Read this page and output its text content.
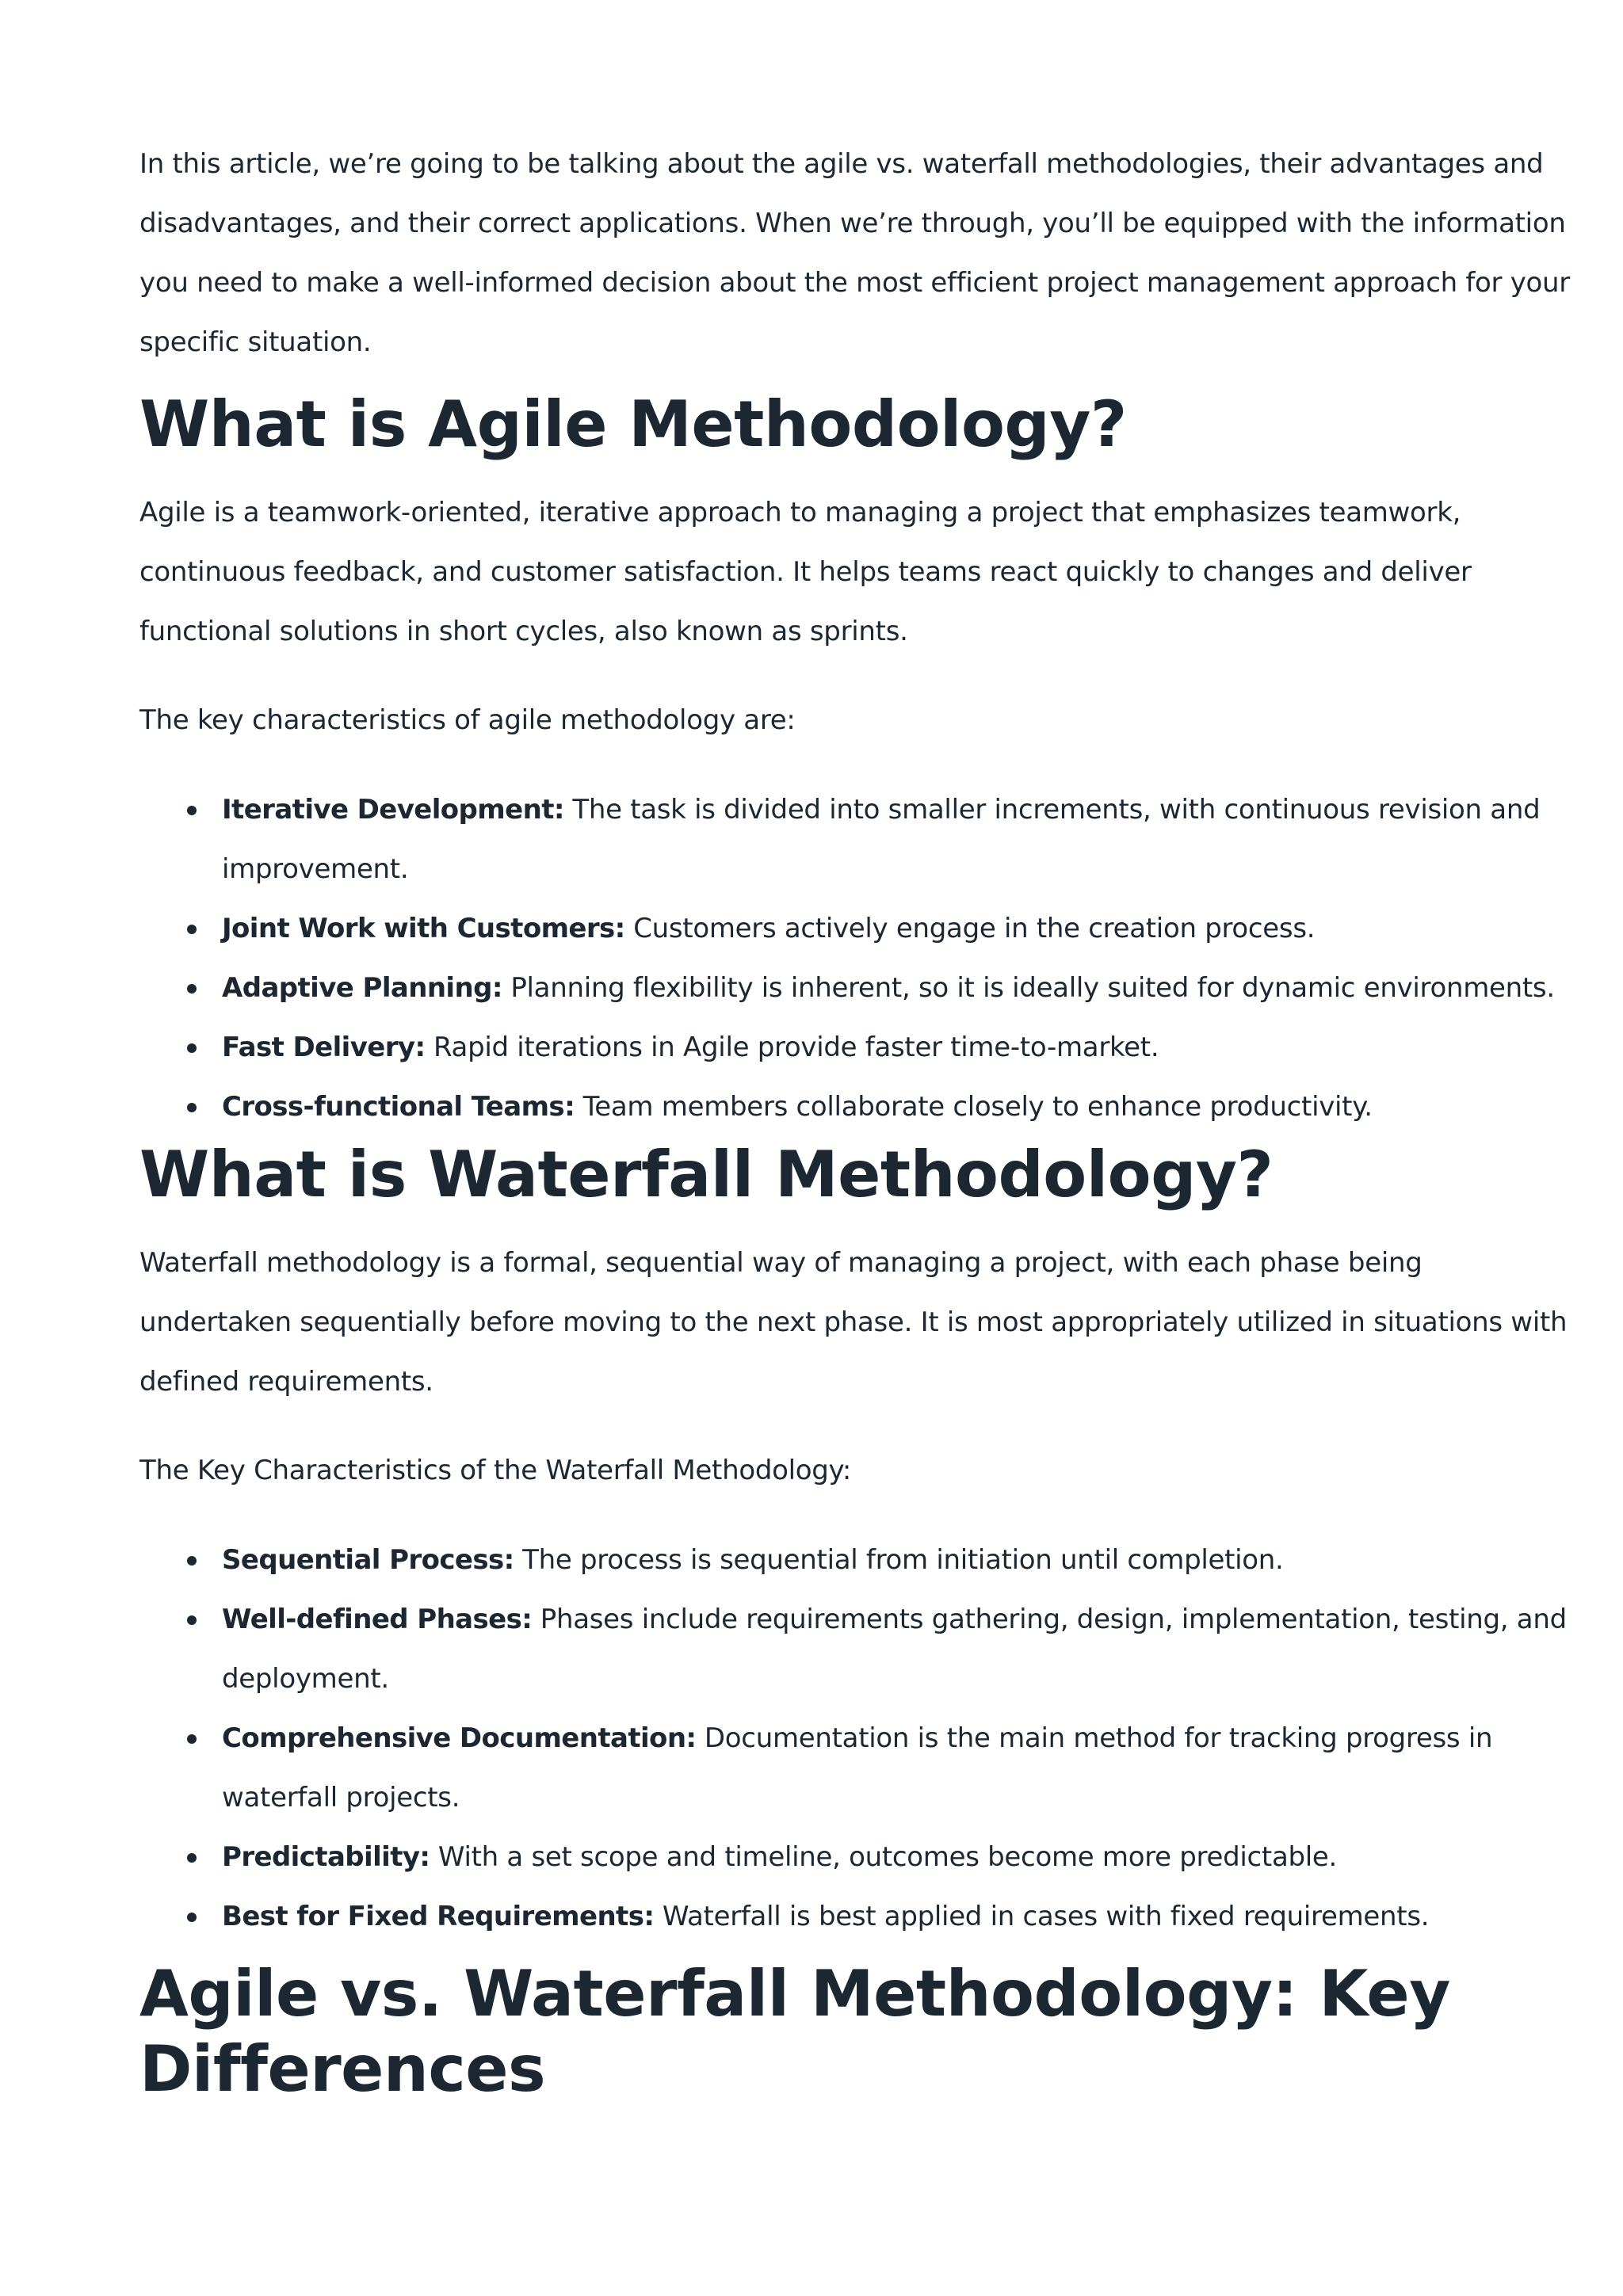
In this article, we’re going to be talking about the agile vs. waterfall methodologies, their advantages and disadvantages, and their correct applications. When we’re through, you’ll be equipped with the information you need to make a well-informed decision about the most efficient project management approach for your specific situation.

What is Agile Methodology?

Agile is a teamwork-oriented, iterative approach to managing a project that emphasizes teamwork, continuous feedback, and customer satisfaction. It helps teams react quickly to changes and deliver functional solutions in short cycles, also known as sprints.

The key characteristics of agile methodology are:

Iterative Development: The task is divided into smaller increments, with continuous revision and improvement.
Joint Work with Customers: Customers actively engage in the creation process.
Adaptive Planning: Planning flexibility is inherent, so it is ideally suited for dynamic environments.
Fast Delivery: Rapid iterations in Agile provide faster time-to-market.
Cross-functional Teams: Team members collaborate closely to enhance productivity.
What is Waterfall Methodology?

Waterfall methodology is a formal, sequential way of managing a project, with each phase being undertaken sequentially before moving to the next phase. It is most appropriately utilized in situations with defined requirements.

The Key Characteristics of the Waterfall Methodology:

Sequential Process: The process is sequential from initiation until completion.
Well-defined Phases: Phases include requirements gathering, design, implementation, testing, and deployment.
Comprehensive Documentation: Documentation is the main method for tracking progress in waterfall projects.
Predictability: With a set scope and timeline, outcomes become more predictable.
Best for Fixed Requirements: Waterfall is best applied in cases with fixed requirements.
Agile vs. Waterfall Methodology: Key Differences
